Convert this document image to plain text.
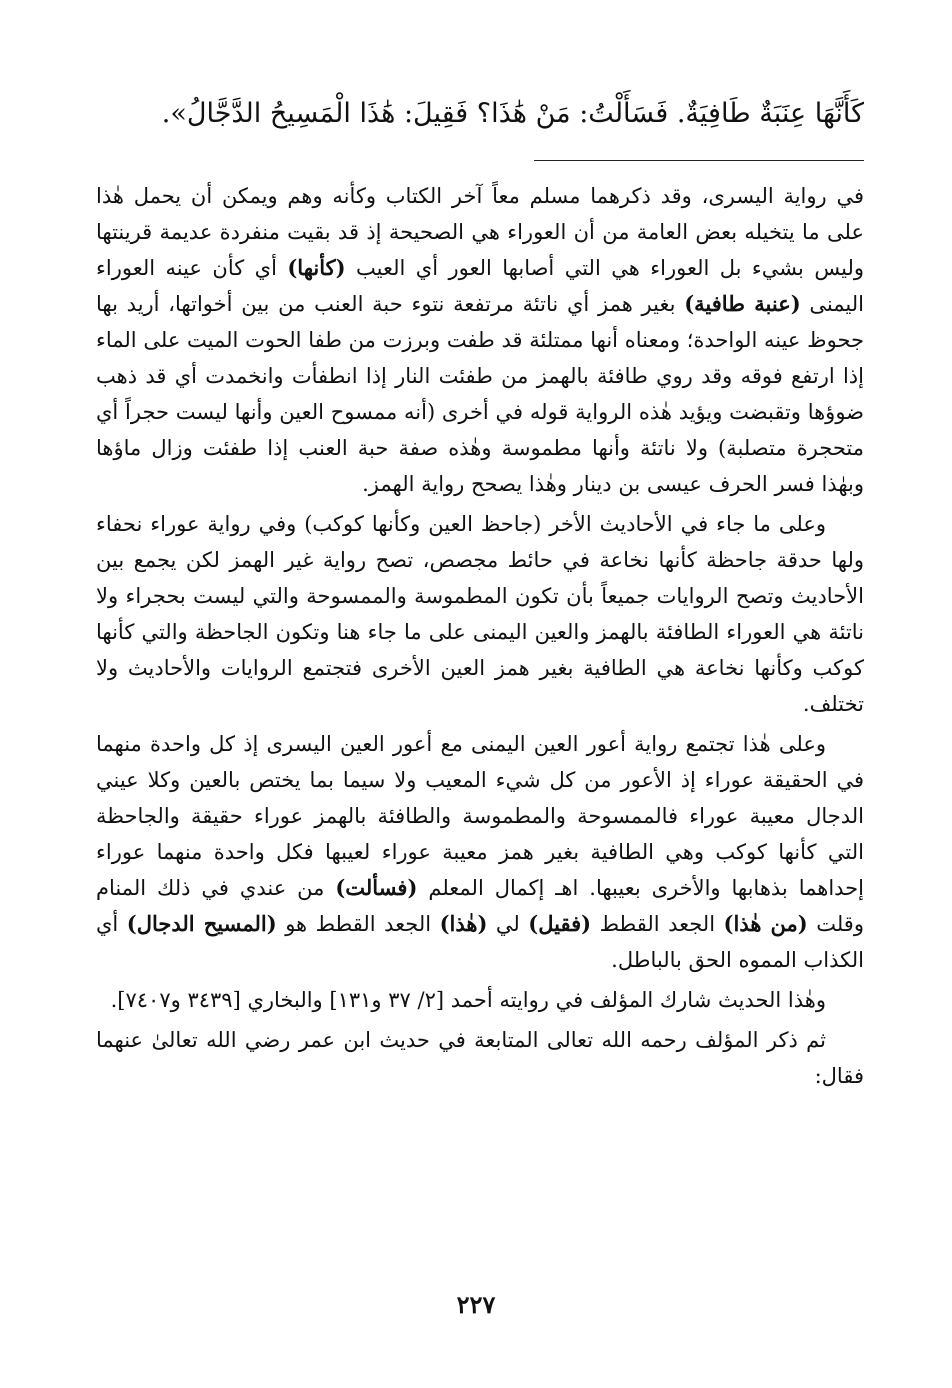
كَأَنَّهَا عِنَبَةٌ طَافِيَةٌ. فَسَأَلْتُ: مَنْ هَٰذَا؟ فَقِيلَ: هَٰذَا الْمَسِيحُ الدَّجَّالُ».

في رواية اليسرى، وقد ذكرهما مسلم معاً آخر الكتاب وكأنه وهم ويمكن أن يحمل هٰذا على ما يتخيله بعض العامة من أن العوراء هي الصحيحة إذ قد بقيت منفردة عديمة قرينتها وليس بشيء بل العوراء هي التي أصابها العور أي العيب (كأنها) أي كأن عينه العوراء اليمنى (عنبة طافية) بغير همز أي ناتئة مرتفعة نتوء حبة العنب من بين أخواتها، أريد بها جحوظ عينه الواحدة؛ ومعناه أنها ممتلئة قد طفت وبرزت من طفا الحوت الميت على الماء إذا ارتفع فوقه وقد روي طافئة بالهمز من طفئت النار إذا انطفأت وانخمدت أي قد ذهب ضوؤها وتقبضت ويؤيد هٰذه الرواية قوله في أخرى (أنه ممسوح العين وأنها ليست حجراً أي متحجرة متصلبة) ولا ناتئة وأنها مطموسة وهٰذه صفة حبة العنب إذا طفئت وزال ماؤها وبهٰذا فسر الحرف عيسى بن دينار وهٰذا يصحح رواية الهمز.

وعلى ما جاء في الأحاديث الأخر (جاحظ العين وكأنها كوكب) وفي رواية عوراء نحفاء ولها حدقة جاحظة كأنها نخاعة في حائط مجصص، تصح رواية غير الهمز لكن يجمع بين الأحاديث وتصح الروايات جميعاً بأن تكون المطموسة والممسوحة والتي ليست بحجراء ولا ناتئة هي العوراء الطافئة بالهمز والعين اليمنى على ما جاء هنا وتكون الجاحظة والتي كأنها كوكب وكأنها نخاعة هي الطافية بغير همز العين الأخرى فتجتمع الروايات والأحاديث ولا تختلف.

وعلى هٰذا تجتمع رواية أعور العين اليمنى مع أعور العين اليسرى إذ كل واحدة منهما في الحقيقة عوراء إذ الأعور من كل شيء المعيب ولا سيما بما يختص بالعين وكلا عيني الدجال معيبة عوراء فالممسوحة والمطموسة والطافئة بالهمز عوراء حقيقة والجاحظة التي كأنها كوكب وهي الطافية بغير همز معيبة عوراء لعيبها فكل واحدة منهما عوراء إحداهما بذهابها والأخرى بعيبها. اهـ إكمال المعلم (فسألت) من عندي في ذلك المنام وقلت (من هٰذا) الجعد القطط (فقيل) لي (هٰذا) الجعد القطط هو (المسيح الدجال) أي الكذاب المموه الحق بالباطل.

وهٰذا الحديث شارك المؤلف في روايته أحمد [٢/ ٣٧ و١٣١] والبخاري [٣٤٣٩ و٧٤٠٧].

ثم ذكر المؤلف رحمه الله تعالى المتابعة في حديث ابن عمر رضي الله تعالىٰ عنهما فقال:

٢٢٧
